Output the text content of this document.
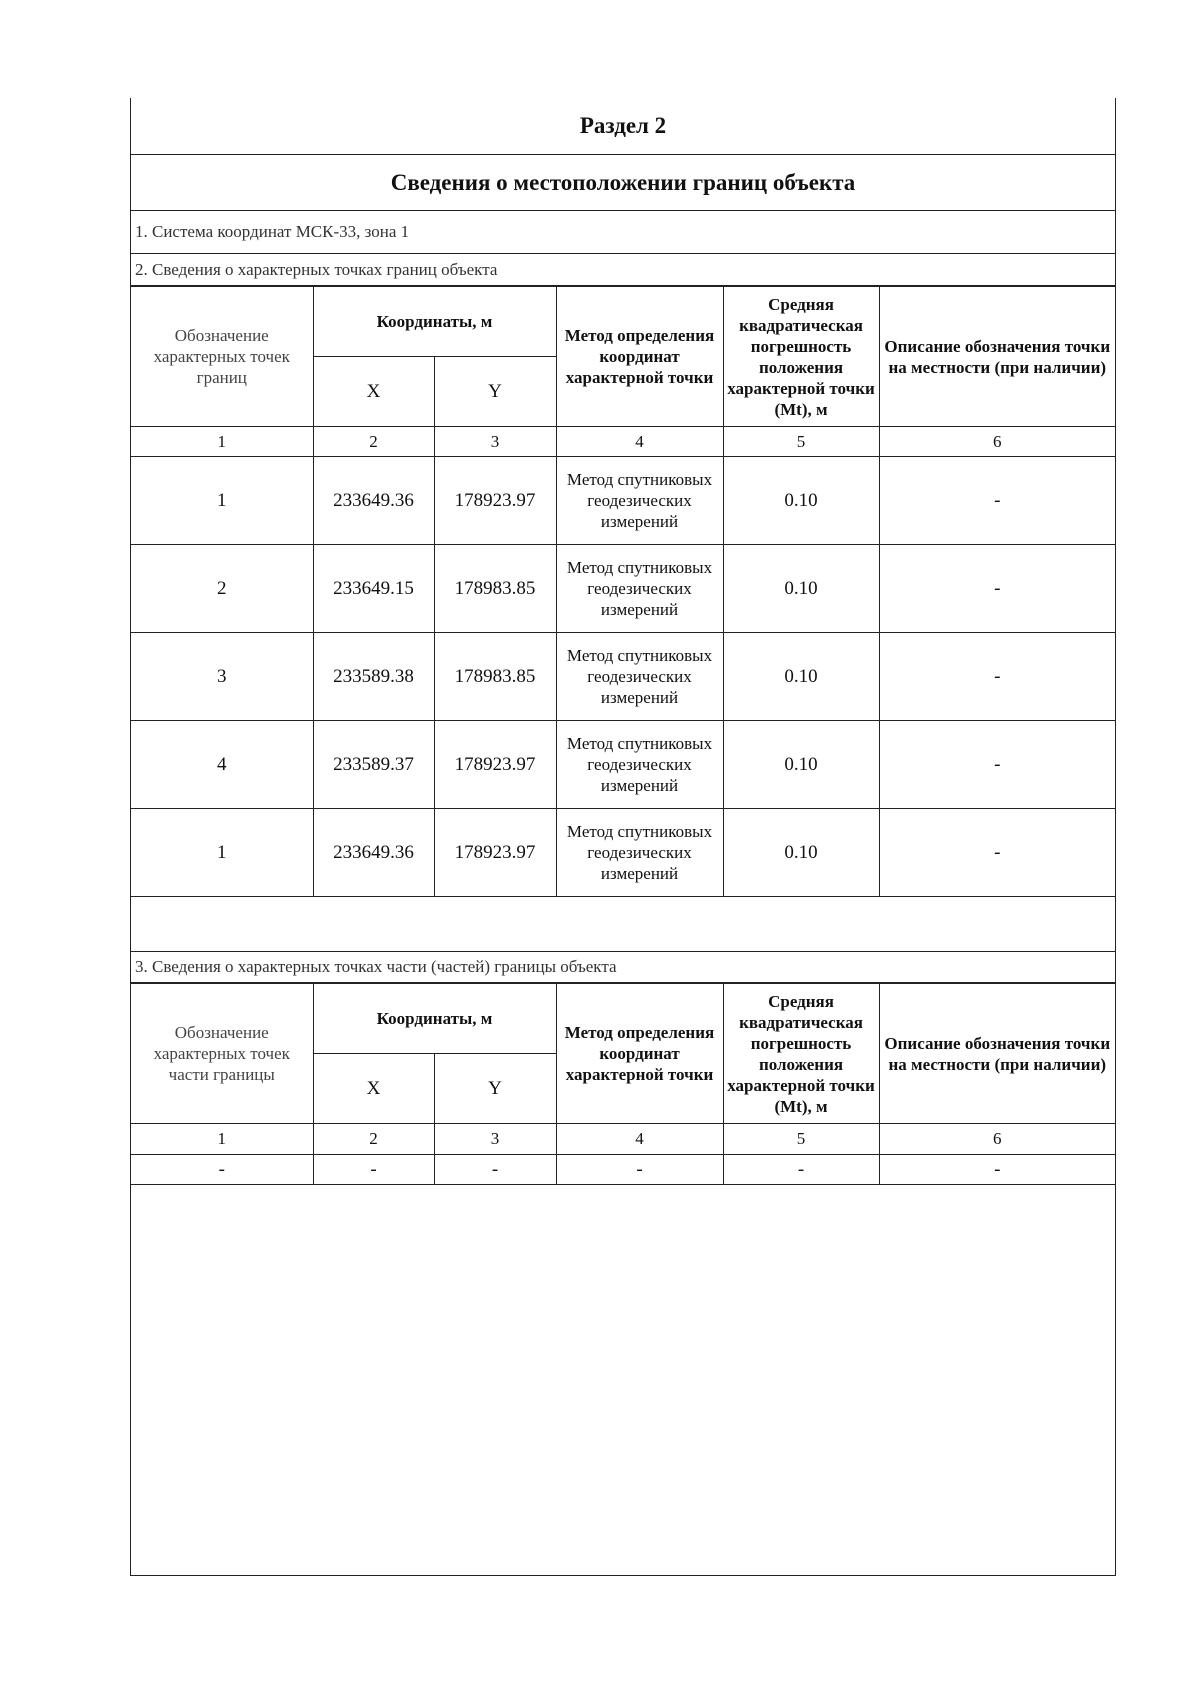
Раздел 2
Сведения о местоположении границ объекта
1. Система координат МСК-33, зона 1
2. Сведения о характерных точках границ объекта
Обозначение характерных точек границ	Координаты, м		Метод определения координат характерной точки	Средняя квадратическая погрешность положения характерной точки (Mt), м	Описание обозначения точки на местности (при наличии)
	X	Y			
1	2	3	4	5	6
1	233649.36	178923.97	Метод спутниковых геодезических измерений	0.10	-
2	233649.15	178983.85	Метод спутниковых геодезических измерений	0.10	-
3	233589.38	178983.85	Метод спутниковых геодезических измерений	0.10	-
4	233589.37	178923.97	Метод спутниковых геодезических измерений	0.10	-
1	233649.36	178923.97	Метод спутниковых геодезических измерений	0.10	-
3. Сведения о характерных точках части (частей) границы объекта
Обозначение характерных точек части границы	Координаты, м		Метод определения координат характерной точки	Средняя квадратическая погрешность положения характерной точки (Mt), м	Описание обозначения точки на местности (при наличии)
	X	Y			
1	2	3	4	5	6
-	-	-	-	-	-
